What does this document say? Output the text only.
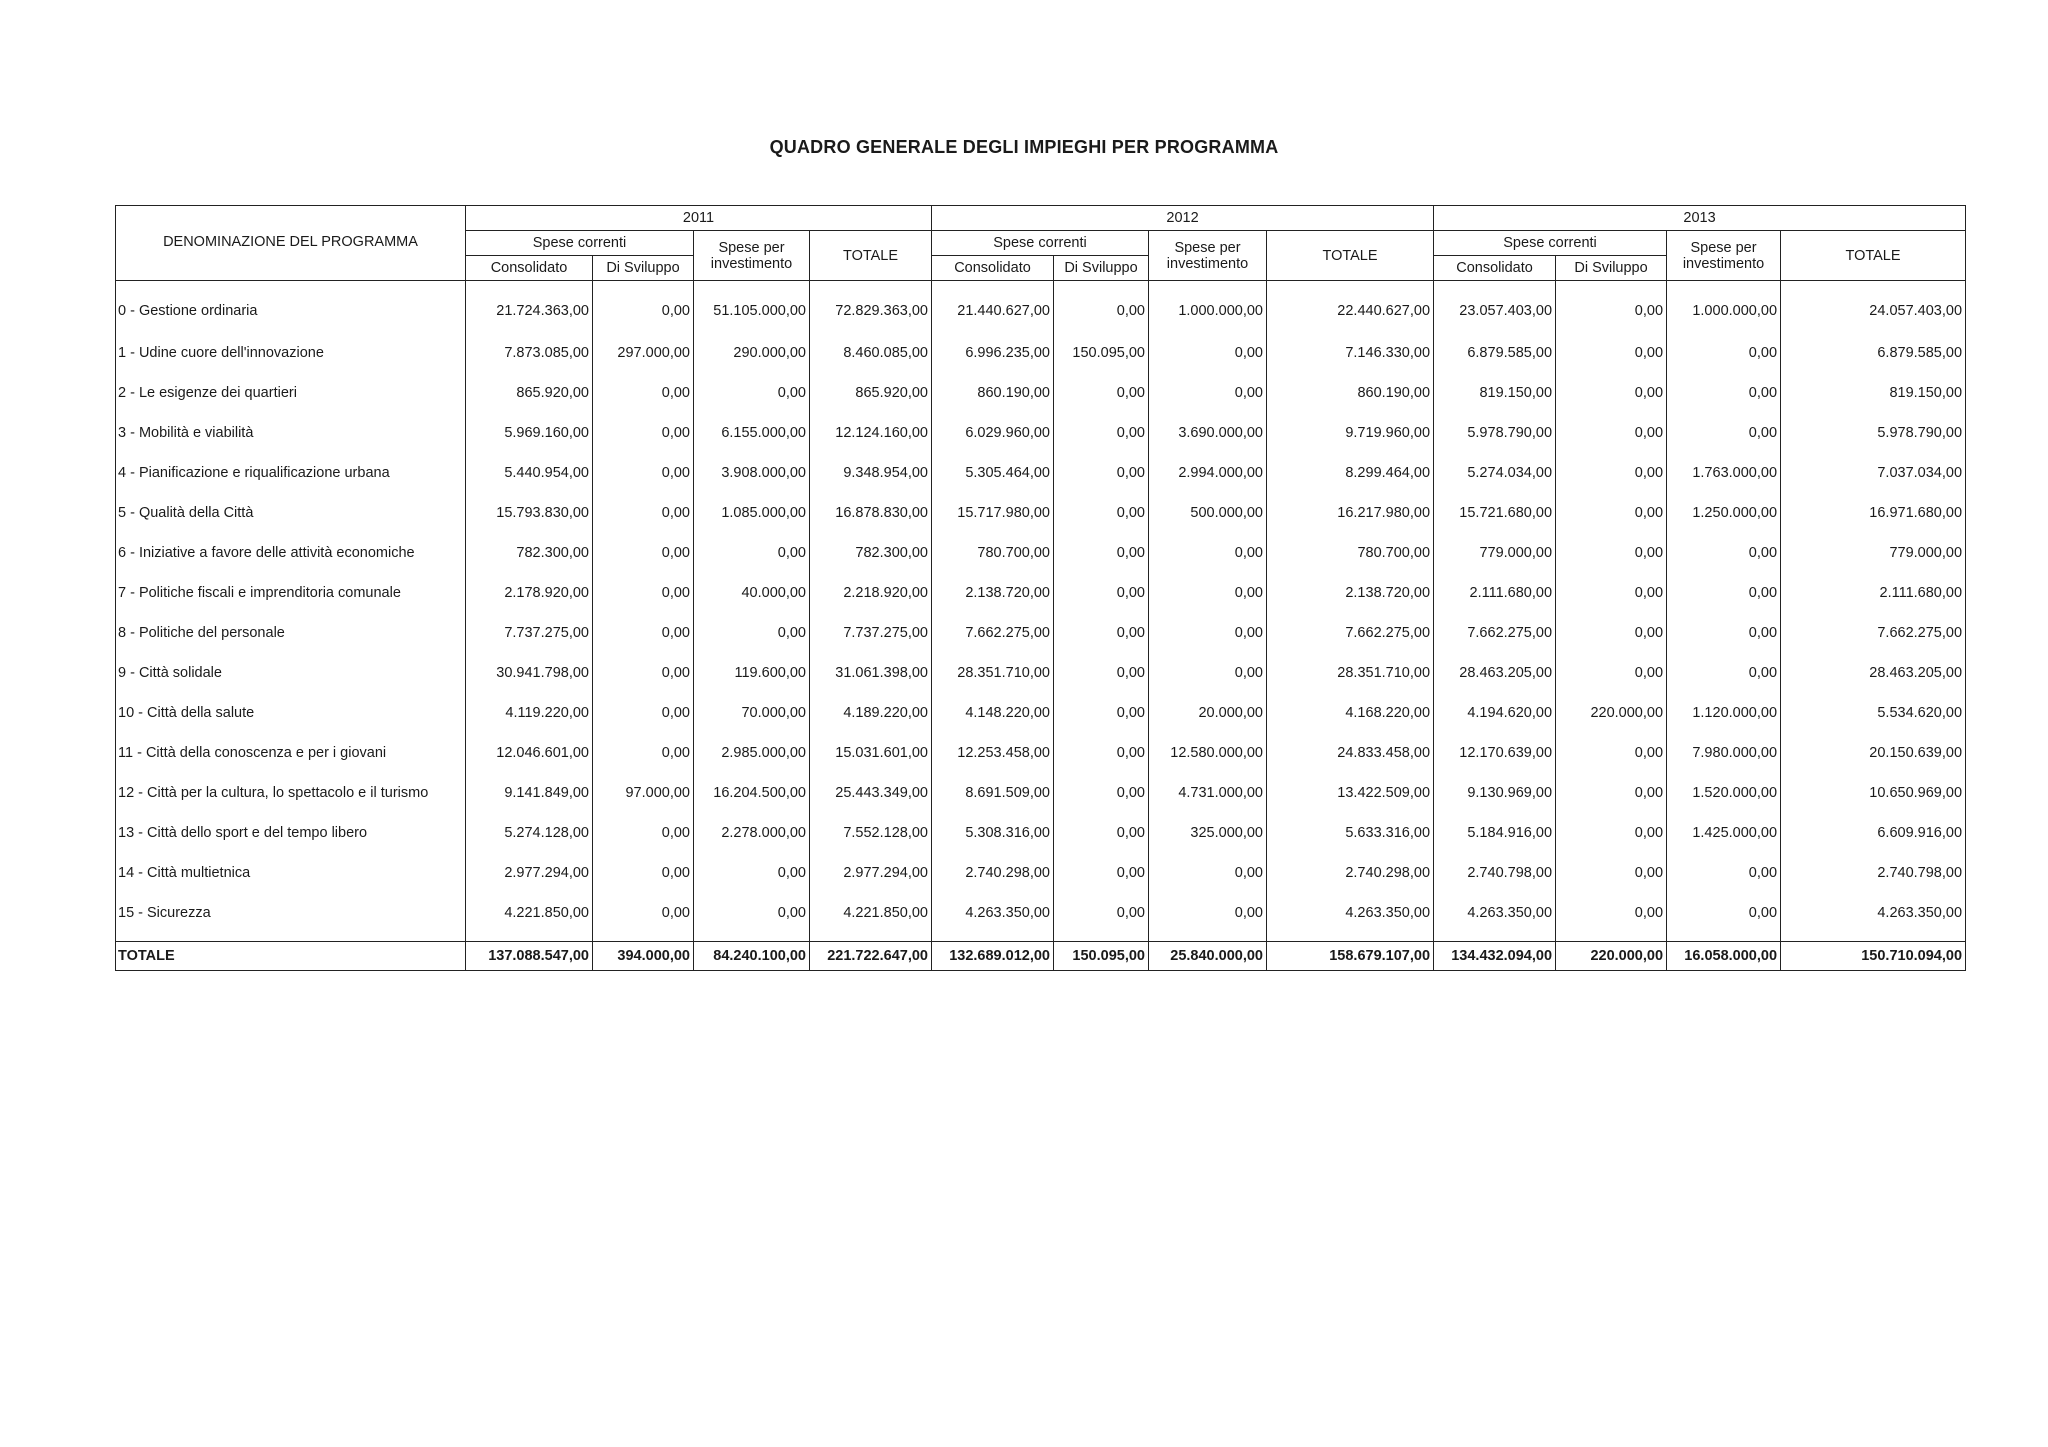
QUADRO GENERALE DEGLI IMPIEGHI PER PROGRAMMA
DENOMINAZIONE DEL PROGRAMMA	2011				2012				2013			
	Spese correnti		Spese per investimento	TOTALE	Spese correnti		Spese per investimento	TOTALE	Spese correnti		Spese per investimento	TOTALE
	Consolidato	Di Sviluppo			Consolidato	Di Sviluppo			Consolidato	Di Sviluppo		
0 - Gestione ordinaria	21.724.363,00	0,00	51.105.000,00	72.829.363,00	21.440.627,00	0,00	1.000.000,00	22.440.627,00	23.057.403,00	0,00	1.000.000,00	24.057.403,00
1 - Udine cuore dell'innovazione	7.873.085,00	297.000,00	290.000,00	8.460.085,00	6.996.235,00	150.095,00	0,00	7.146.330,00	6.879.585,00	0,00	0,00	6.879.585,00
2 - Le esigenze dei quartieri	865.920,00	0,00	0,00	865.920,00	860.190,00	0,00	0,00	860.190,00	819.150,00	0,00	0,00	819.150,00
3 - Mobilità e viabilità	5.969.160,00	0,00	6.155.000,00	12.124.160,00	6.029.960,00	0,00	3.690.000,00	9.719.960,00	5.978.790,00	0,00	0,00	5.978.790,00
4 - Pianificazione e riqualificazione urbana	5.440.954,00	0,00	3.908.000,00	9.348.954,00	5.305.464,00	0,00	2.994.000,00	8.299.464,00	5.274.034,00	0,00	1.763.000,00	7.037.034,00
5 - Qualità della Città	15.793.830,00	0,00	1.085.000,00	16.878.830,00	15.717.980,00	0,00	500.000,00	16.217.980,00	15.721.680,00	0,00	1.250.000,00	16.971.680,00
6 - Iniziative a favore delle attività economiche	782.300,00	0,00	0,00	782.300,00	780.700,00	0,00	0,00	780.700,00	779.000,00	0,00	0,00	779.000,00
7 - Politiche fiscali e imprenditoria comunale	2.178.920,00	0,00	40.000,00	2.218.920,00	2.138.720,00	0,00	0,00	2.138.720,00	2.111.680,00	0,00	0,00	2.111.680,00
8 - Politiche del personale	7.737.275,00	0,00	0,00	7.737.275,00	7.662.275,00	0,00	0,00	7.662.275,00	7.662.275,00	0,00	0,00	7.662.275,00
9 - Città solidale	30.941.798,00	0,00	119.600,00	31.061.398,00	28.351.710,00	0,00	0,00	28.351.710,00	28.463.205,00	0,00	0,00	28.463.205,00
10 - Città della salute	4.119.220,00	0,00	70.000,00	4.189.220,00	4.148.220,00	0,00	20.000,00	4.168.220,00	4.194.620,00	220.000,00	1.120.000,00	5.534.620,00
11 - Città della conoscenza e per i giovani	12.046.601,00	0,00	2.985.000,00	15.031.601,00	12.253.458,00	0,00	12.580.000,00	24.833.458,00	12.170.639,00	0,00	7.980.000,00	20.150.639,00
12 - Città per la cultura, lo spettacolo e il turismo	9.141.849,00	97.000,00	16.204.500,00	25.443.349,00	8.691.509,00	0,00	4.731.000,00	13.422.509,00	9.130.969,00	0,00	1.520.000,00	10.650.969,00
13 - Città dello sport e del tempo libero	5.274.128,00	0,00	2.278.000,00	7.552.128,00	5.308.316,00	0,00	325.000,00	5.633.316,00	5.184.916,00	0,00	1.425.000,00	6.609.916,00
14 - Città multietnica	2.977.294,00	0,00	0,00	2.977.294,00	2.740.298,00	0,00	0,00	2.740.298,00	2.740.798,00	0,00	0,00	2.740.798,00
15 - Sicurezza	4.221.850,00	0,00	0,00	4.221.850,00	4.263.350,00	0,00	0,00	4.263.350,00	4.263.350,00	0,00	0,00	4.263.350,00
TOTALE	137.088.547,00	394.000,00	84.240.100,00	221.722.647,00	132.689.012,00	150.095,00	25.840.000,00	158.679.107,00	134.432.094,00	220.000,00	16.058.000,00	150.710.094,00
